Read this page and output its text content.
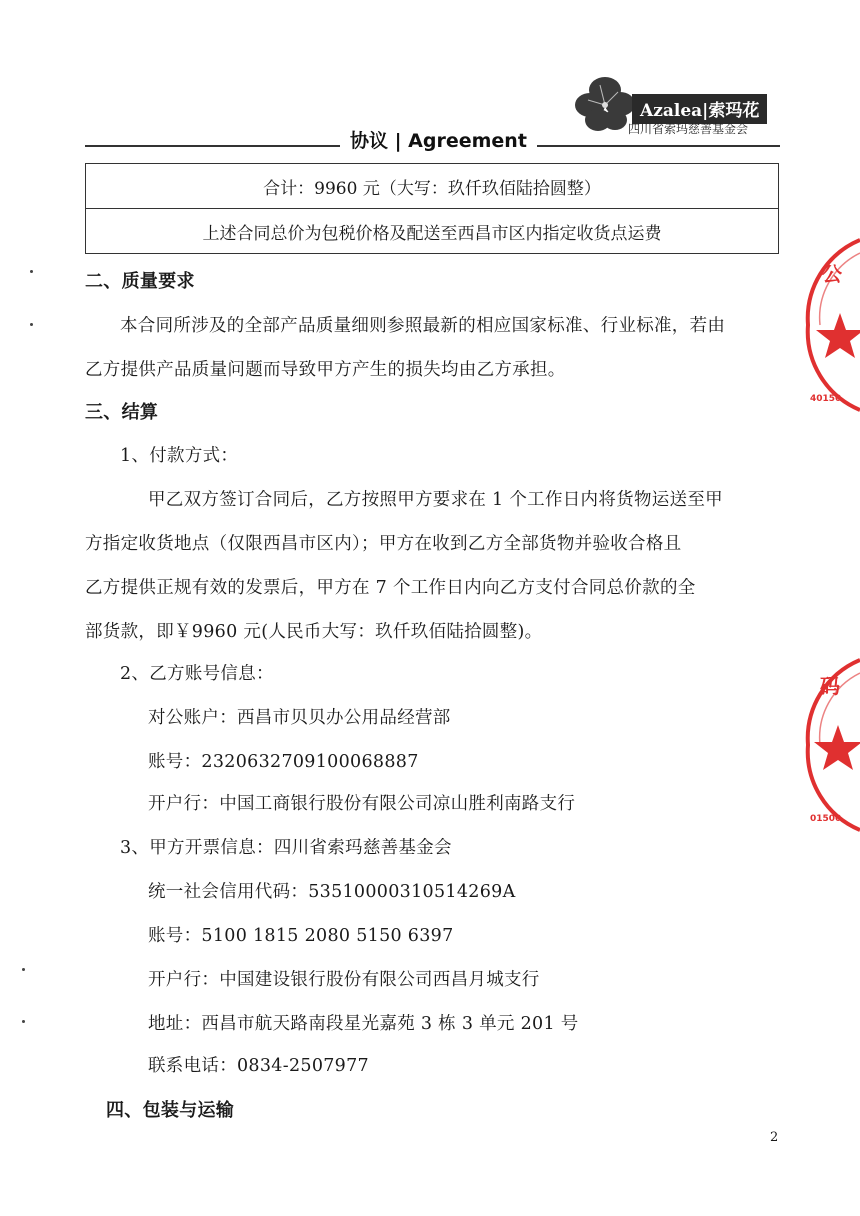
Azalea|索玛花
四川省索玛慈善基金会
协议 | Agreement
合计：9960 元（大写：玖仟玖佰陆拾圆整）
上述合同总价为包税价格及配送至西昌市区内指定收货点运费
二、质量要求
本合同所涉及的全部产品质量细则参照最新的相应国家标准、行业标准，若由
乙方提供产品质量问题而导致甲方产生的损失均由乙方承担。
三、结算
1、付款方式：
甲乙双方签订合同后，乙方按照甲方要求在 1 个工作日内将货物运送至甲
方指定收货地点（仅限西昌市区内）；甲方在收到乙方全部货物并验收合格且
乙方提供正规有效的发票后，甲方在 7 个工作日内向乙方支付合同总价款的全
部货款，即￥9960 元(人民币大写：玖仟玖佰陆拾圆整)。
2、乙方账号信息：
对公账户：西昌市贝贝办公用品经营部
账号：2320632709100068887
开户行：中国工商银行股份有限公司凉山胜利南路支行
3、甲方开票信息：四川省索玛慈善基金会
统一社会信用代码：53510000310514269A
账号：5100 1815 2080 5150 6397
开户行：中国建设银行股份有限公司西昌月城支行
地址：西昌市航天路南段星光嘉苑 3 栋 3 单元 201 号
联系电话：0834-2507977
四、包装与运输
2
公
40150
码
01500
